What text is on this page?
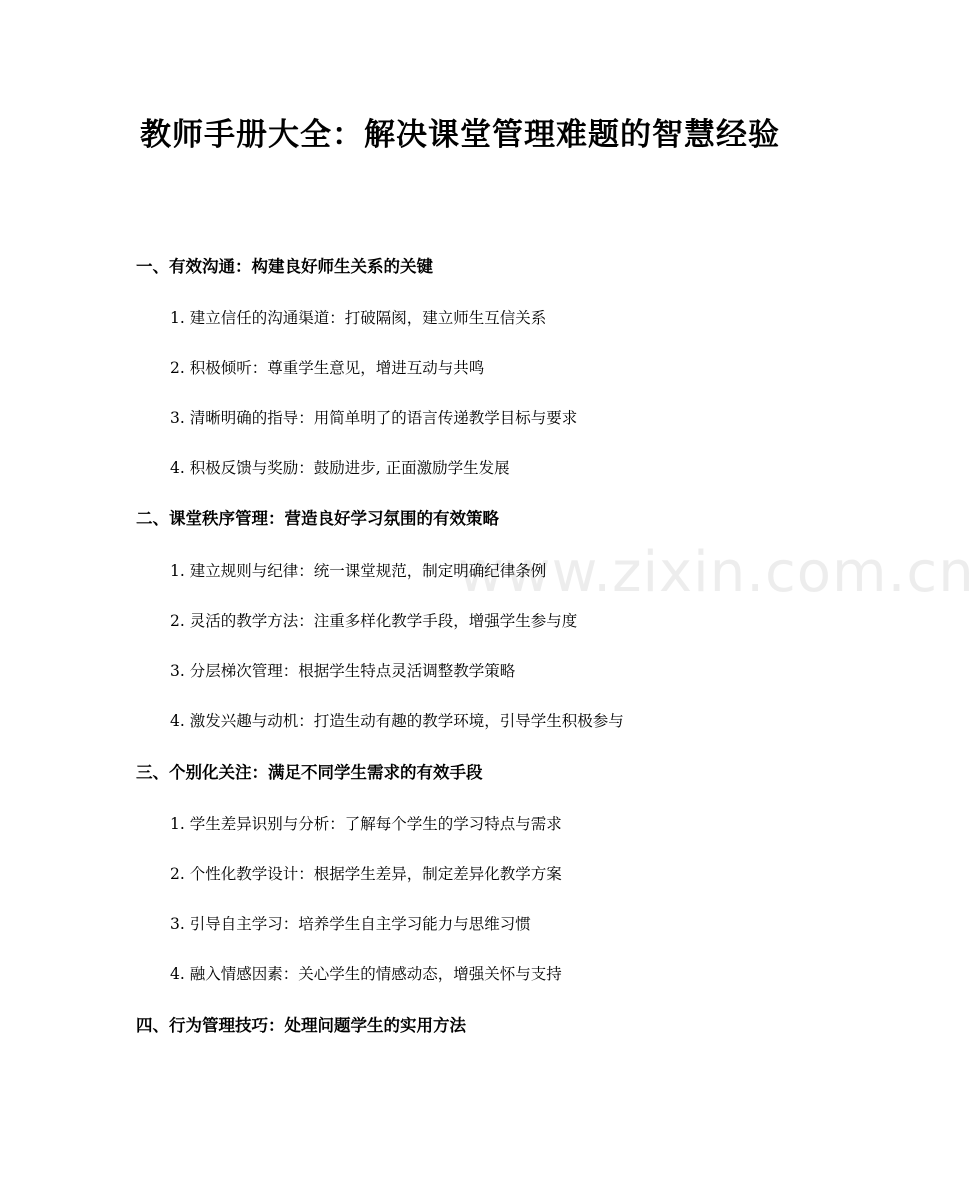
教师手册大全：解决课堂管理难题的智慧经验
www.zixin.com.cn
一、有效沟通：构建良好师生关系的关键

1. 建立信任的沟通渠道：打破隔阂，建立师生互信关系

2. 积极倾听：尊重学生意见，增进互动与共鸣

3. 清晰明确的指导：用简单明了的语言传递教学目标与要求

4. 积极反馈与奖励：鼓励进步, 正面激励学生发展

二、课堂秩序管理：营造良好学习氛围的有效策略

1. 建立规则与纪律：统一课堂规范，制定明确纪律条例

2. 灵活的教学方法：注重多样化教学手段，增强学生参与度

3. 分层梯次管理：根据学生特点灵活调整教学策略

4. 激发兴趣与动机：打造生动有趣的教学环境，引导学生积极参与

三、个别化关注：满足不同学生需求的有效手段

1. 学生差异识别与分析：了解每个学生的学习特点与需求

2. 个性化教学设计：根据学生差异，制定差异化教学方案

3. 引导自主学习：培养学生自主学习能力与思维习惯

4. 融入情感因素：关心学生的情感动态，增强关怀与支持

四、行为管理技巧：处理问题学生的实用方法
